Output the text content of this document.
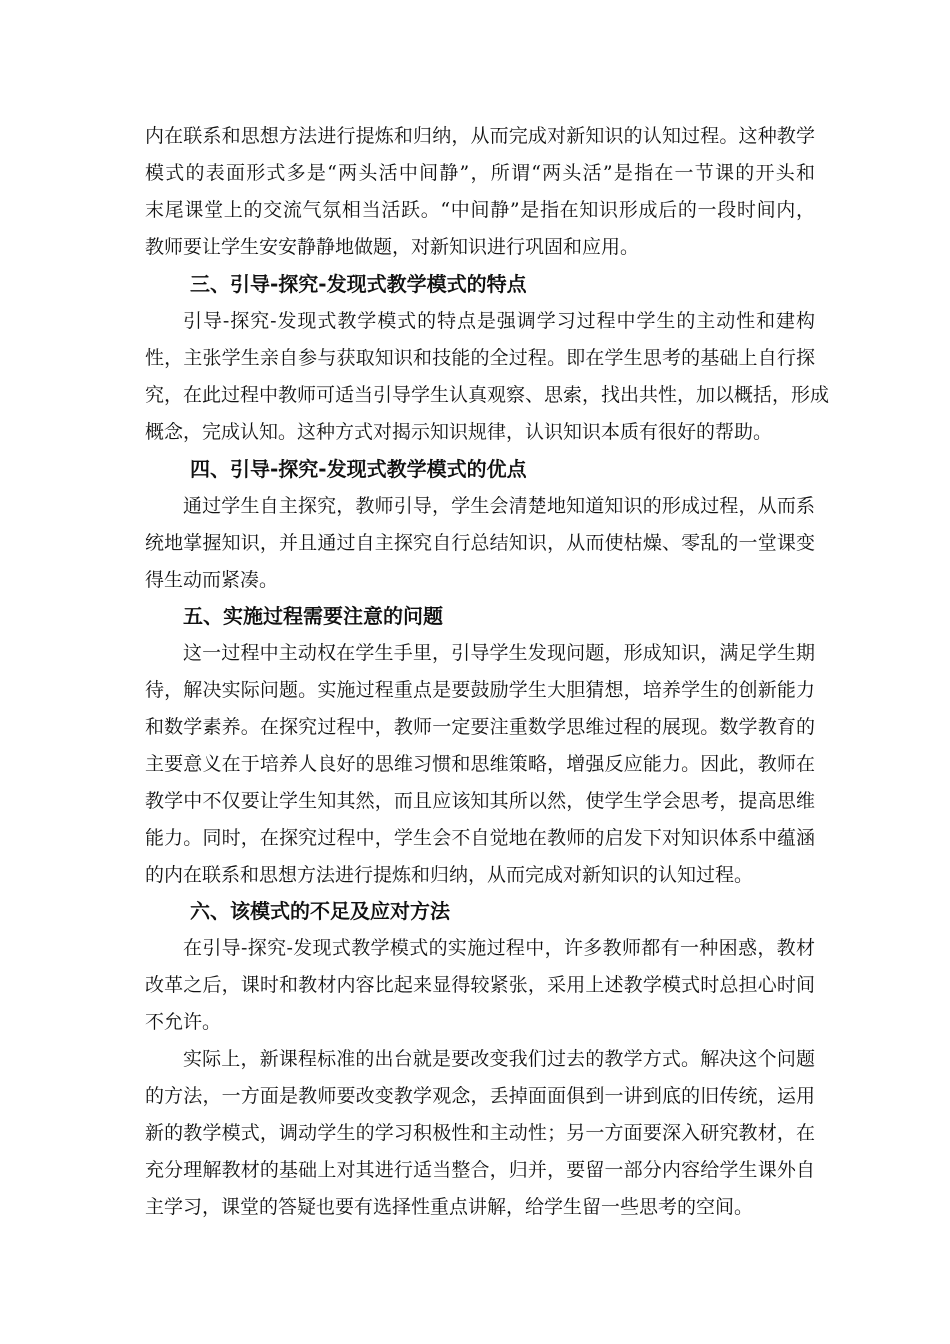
内在联系和思想方法进行提炼和归纳，从而完成对新知识的认知过程。这种教学
模式的表面形式多是“两头活中间静”，所谓“两头活”是指在一节课的开头和
末尾课堂上的交流气氛相当活跃。“中间静”是指在知识形成后的一段时间内，
教师要让学生安安静静地做题，对新知识进行巩固和应用。
三、引导-探究-发现式教学模式的特点
引导-探究-发现式教学模式的特点是强调学习过程中学生的主动性和建构
性，主张学生亲自参与获取知识和技能的全过程。即在学生思考的基础上自行探
究，在此过程中教师可适当引导学生认真观察、思索，找出共性，加以概括，形成
概念，完成认知。这种方式对揭示知识规律，认识知识本质有很好的帮助。
四、引导-探究-发现式教学模式的优点
通过学生自主探究，教师引导，学生会清楚地知道知识的形成过程，从而系
统地掌握知识，并且通过自主探究自行总结知识，从而使枯燥、零乱的一堂课变
得生动而紧凑。
五、实施过程需要注意的问题
这一过程中主动权在学生手里，引导学生发现问题，形成知识，满足学生期
待，解决实际问题。实施过程重点是要鼓励学生大胆猜想，培养学生的创新能力
和数学素养。在探究过程中，教师一定要注重数学思维过程的展现。数学教育的
主要意义在于培养人良好的思维习惯和思维策略，增强反应能力。因此，教师在
教学中不仅要让学生知其然，而且应该知其所以然，使学生学会思考，提高思维
能力。同时，在探究过程中，学生会不自觉地在教师的启发下对知识体系中蕴涵
的内在联系和思想方法进行提炼和归纳，从而完成对新知识的认知过程。
六、该模式的不足及应对方法
在引导-探究-发现式教学模式的实施过程中，许多教师都有一种困惑，教材
改革之后，课时和教材内容比起来显得较紧张，采用上述教学模式时总担心时间
不允许。
实际上，新课程标准的出台就是要改变我们过去的教学方式。解决这个问题
的方法，一方面是教师要改变教学观念，丢掉面面俱到一讲到底的旧传统，运用
新的教学模式，调动学生的学习积极性和主动性；另一方面要深入研究教材，在
充分理解教材的基础上对其进行适当整合，归并，要留一部分内容给学生课外自
主学习，课堂的答疑也要有选择性重点讲解，给学生留一些思考的空间。
